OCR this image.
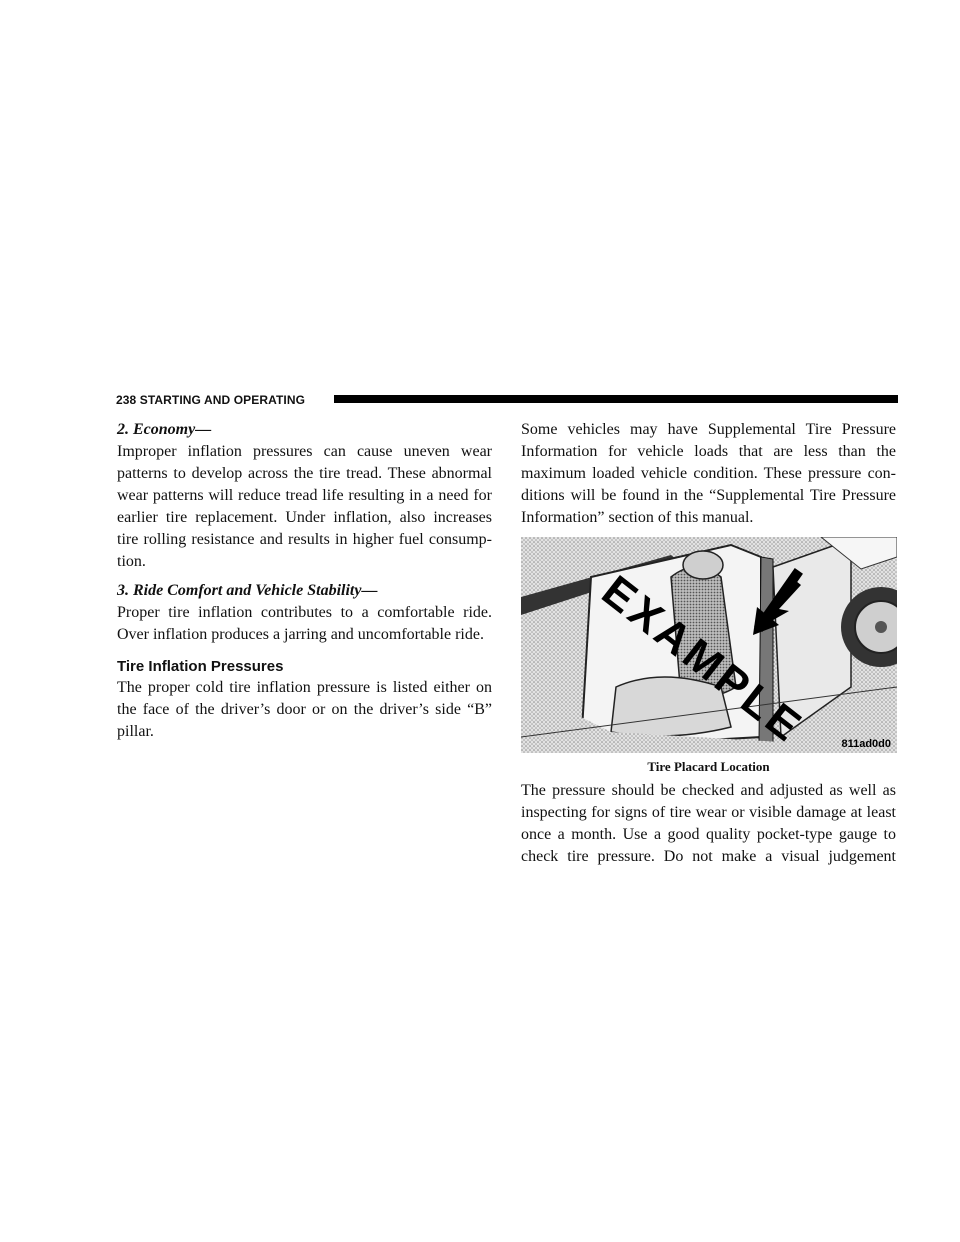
238 STARTING AND OPERATING
2. Economy—

Improper inflation pressures can cause uneven wear patterns to develop across the tire tread. These abnormal wear patterns will reduce tread life resulting in a need for earlier tire replacement. Under inflation, also increases tire rolling resistance and results in higher fuel consump-tion.

3. Ride Comfort and Vehicle Stability—

Proper tire inflation contributes to a comfortable ride. Over inflation produces a jarring and uncomfortable ride.

Tire Inflation Pressures

The proper cold tire inflation pressure is listed either on the face of the driver’s door or on the driver’s side “B” pillar.

Some vehicles may have Supplemental Tire Pressure Information for vehicle loads that are less than the maximum loaded vehicle condition. These pressure con-ditions will be found in the “Supplemental Tire Pressure Information” section of this manual.

EXAMPLE	811ad0d0
Tire Placard Location

The pressure should be checked and adjusted as well as inspecting for signs of tire wear or visible damage at least once a month. Use a good quality pocket-type gauge to check tire pressure. Do not make a visual judgement
